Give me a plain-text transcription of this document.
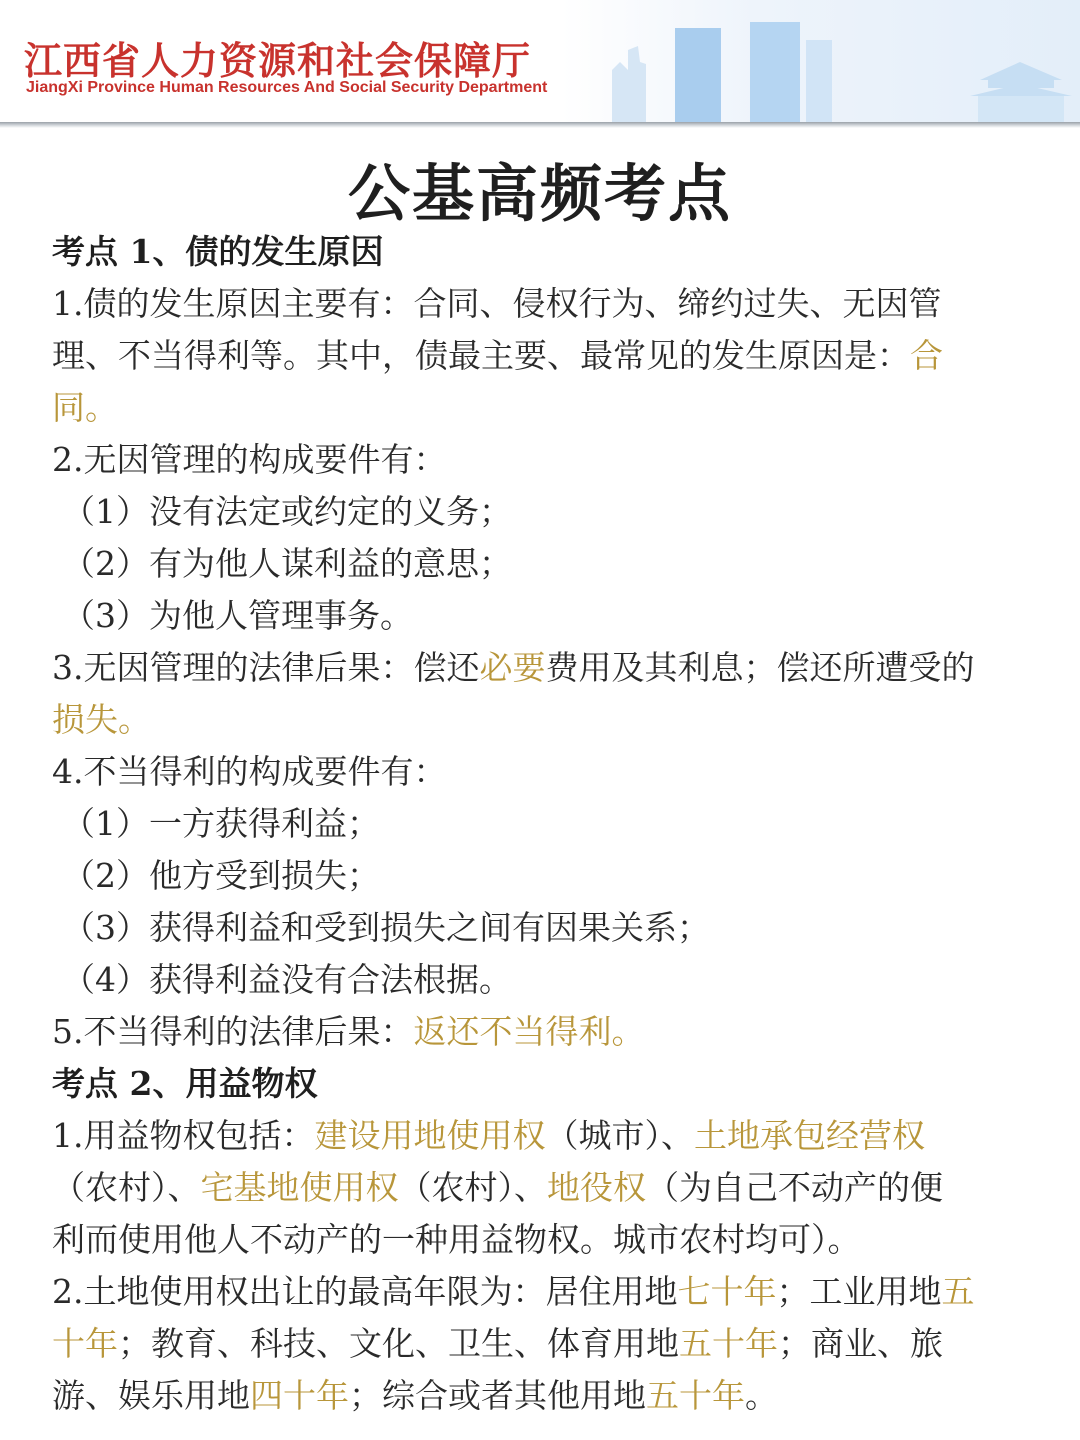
江西省人力资源和社会保障厅
JiangXi Province Human Resources And Social Security Department
公基高频考点
考点 1、债的发生原因
1.债的发生原因主要有：合同、侵权行为、缔约过失、无因管
理、不当得利等。其中，债最主要、最常见的发生原因是：合
同。
2.无因管理的构成要件有：
（1）没有法定或约定的义务；
（2）有为他人谋利益的意思；
（3）为他人管理事务。
3.无因管理的法律后果：偿还必要费用及其利息；偿还所遭受的
损失。
4.不当得利的构成要件有：
（1）一方获得利益；
（2）他方受到损失；
（3）获得利益和受到损失之间有因果关系；
（4）获得利益没有合法根据。
5.不当得利的法律后果：返还不当得利。
考点 2、用益物权
1.用益物权包括：建设用地使用权（城市）、土地承包经营权
（农村）、宅基地使用权（农村）、地役权（为自己不动产的便
利而使用他人不动产的一种用益物权。城市农村均可）。
2.土地使用权出让的最高年限为：居住用地七十年；工业用地五
十年；教育、科技、文化、卫生、体育用地五十年；商业、旅
游、娱乐用地四十年；综合或者其他用地五十年。
